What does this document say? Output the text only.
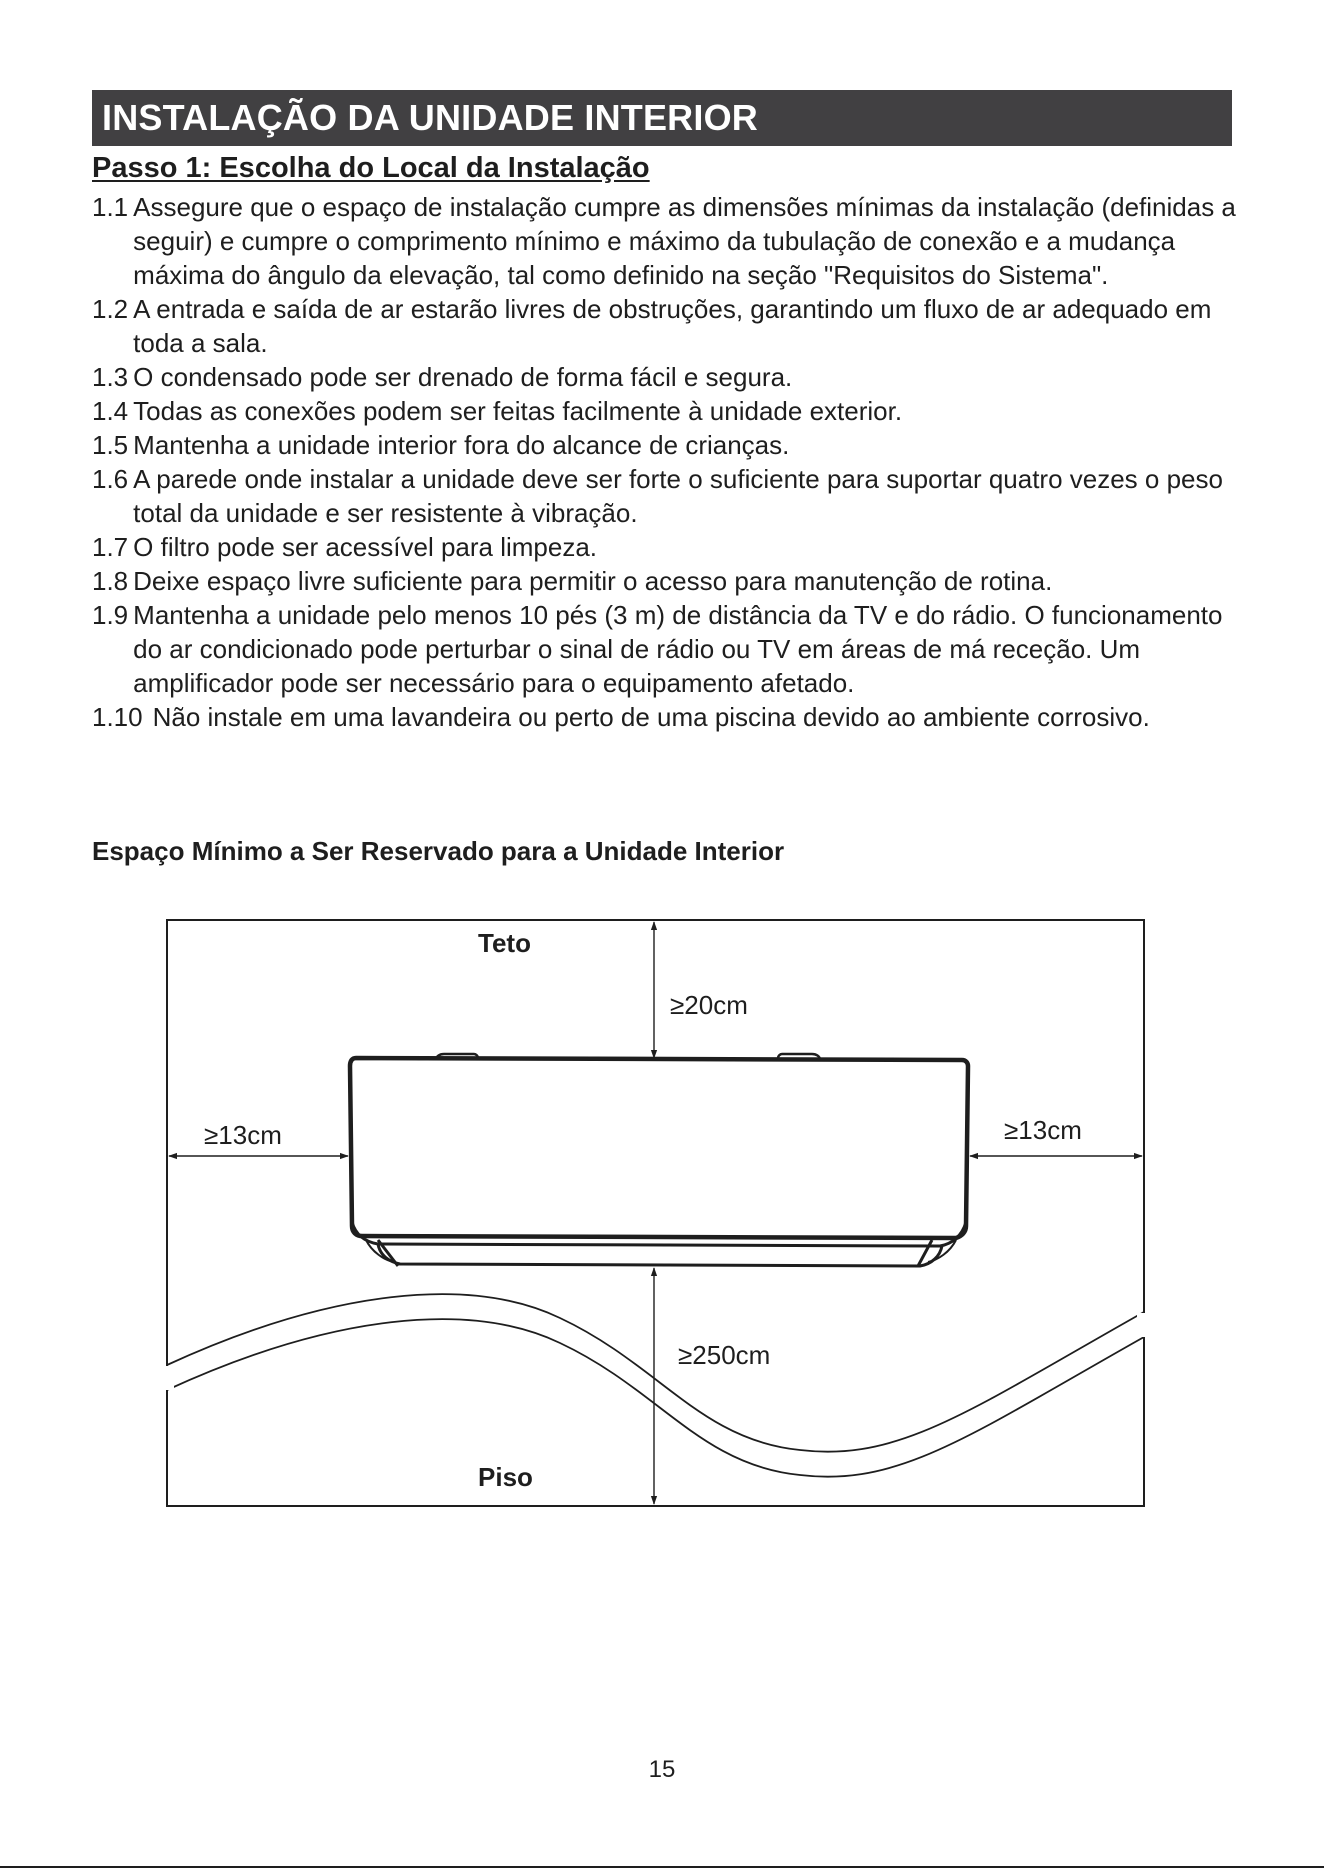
INSTALAÇÃO DA UNIDADE INTERIOR
Passo 1: Escolha do Local da Instalação
1.1 Assegure que o espaço de instalação cumpre as dimensões mínimas da instalação (definidas a seguir) e cumpre o comprimento mínimo e máximo da tubulação de conexão e a mudança máxima do ângulo da elevação, tal como definido na seção "Requisitos do Sistema".
1.2 A entrada e saída de ar estarão livres de obstruções, garantindo um fluxo de ar adequado em toda a sala.
1.3 O condensado pode ser drenado de forma fácil e segura.
1.4 Todas as conexões podem ser feitas facilmente à unidade exterior.
1.5 Mantenha a unidade interior fora do alcance de crianças.
1.6 A parede onde instalar a unidade deve ser forte o suficiente para suportar quatro vezes o peso total da unidade e ser resistente à vibração.
1.7 O filtro pode ser acessível para limpeza.
1.8 Deixe espaço livre suficiente para permitir o acesso para manutenção de rotina.
1.9 Mantenha a unidade pelo menos 10 pés (3 m) de distância da TV e do rádio. O funcionamento do ar condicionado pode perturbar o sinal de rádio ou TV em áreas de má receção. Um amplificador pode ser necessário para o equipamento afetado.
1.10 Não instale em uma lavandeira ou perto de uma piscina devido ao ambiente corrosivo.
Espaço Mínimo a Ser Reservado para a Unidade Interior
Teto
Piso
≥20cm
≥13cm	≥13cm
≥250cm
15
